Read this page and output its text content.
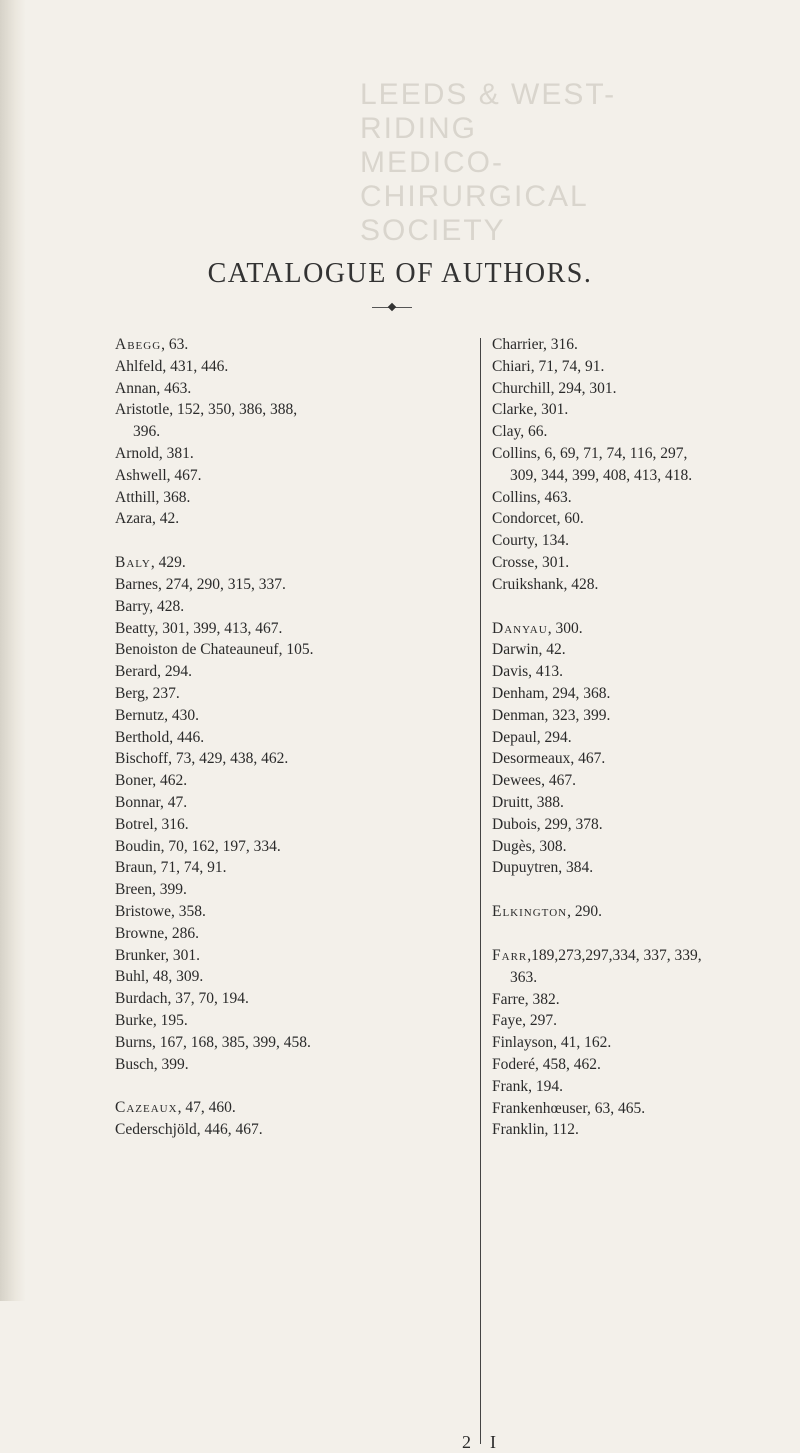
LEEDS & WEST-RIDING
MEDICO-CHIRURGICAL SOCIETY
CATALOGUE OF AUTHORS.
Abegg, 63.
Ahlfeld, 431, 446.
Annan, 463.
Aristotle, 152, 350, 386, 388,
396.
Arnold, 381.
Ashwell, 467.
Atthill, 368.
Azara, 42.
Baly, 429.
Barnes, 274, 290, 315, 337.
Barry, 428.
Beatty, 301, 399, 413, 467.
Benoiston de Chateauneuf, 105.
Berard, 294.
Berg, 237.
Bernutz, 430.
Berthold, 446.
Bischoff, 73, 429, 438, 462.
Boner, 462.
Bonnar, 47.
Botrel, 316.
Boudin, 70, 162, 197, 334.
Braun, 71, 74, 91.
Breen, 399.
Bristowe, 358.
Browne, 286.
Brunker, 301.
Buhl, 48, 309.
Burdach, 37, 70, 194.
Burke, 195.
Burns, 167, 168, 385, 399, 458.
Busch, 399.
Cazeaux, 47, 460.
Cederschjöld, 446, 467.
Charrier, 316.
Chiari, 71, 74, 91.
Churchill, 294, 301.
Clarke, 301.
Clay, 66.
Collins, 6, 69, 71, 74, 116, 297,
309, 344, 399, 408, 413, 418.
Collins, 463.
Condorcet, 60.
Courty, 134.
Crosse, 301.
Cruikshank, 428.
Danyau, 300.
Darwin, 42.
Davis, 413.
Denham, 294, 368.
Denman, 323, 399.
Depaul, 294.
Desormeaux, 467.
Dewees, 467.
Druitt, 388.
Dubois, 299, 378.
Dugès, 308.
Dupuytren, 384.
Elkington, 290.
Farr,189,273,297,334, 337, 339,
363.
Farre, 382.
Faye, 297.
Finlayson, 41, 162.
Foderé, 458, 462.
Frank, 194.
Frankenhœuser, 63, 465.
Franklin, 112.
2 I
